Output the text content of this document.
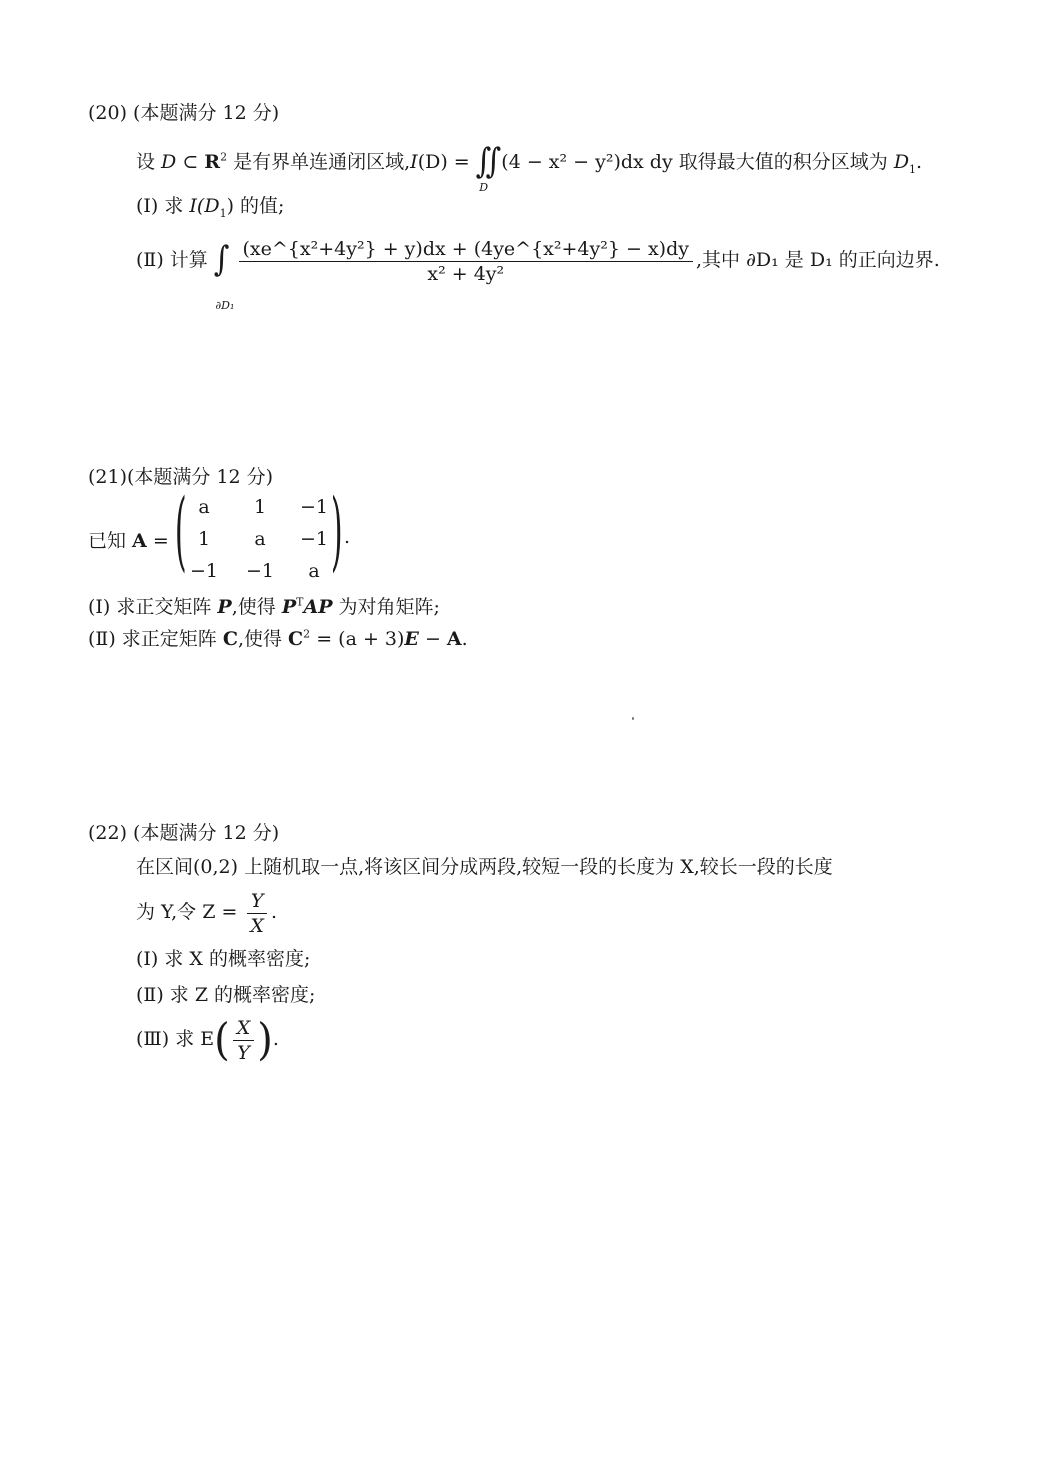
(20) (本题满分 12 分)
设 D ⊂ $R^2$ 是有界单连通闭区域,I(D) = ∬
D
(4 − x² − y²)dx dy 取得最大值的积分区域为 $D_1$.
(Ⅰ) 求 $I(D_1)$ 的值;
(Ⅱ) 计算 ∫
∂D₁

$\frac{\text{(xe\textasciicircum{}\{x²+4y²\} + y)dx + (4ye\textasciicircum{}\{x²+4y²\} − x)dy}}{\text{x² + 4y²}}$ ,其中 ∂D₁ 是 D₁ 的正向边界.
(21)(本题满分 12 分)
已知 A = ( )
a	1	−1
1	a	−1
−1	−1	a
.
(Ⅰ) 求正交矩阵 P,使得 $P^TAP$ 为对角矩阵;
(Ⅱ) 求正定矩阵 C,使得 $C^2 = (a + 3)E - A$.
(22) (本题满分 12 分)
在区间(0,2) 上随机取一点,将该区间分成两段,较短一段的长度为 X,较长一段的长度
为 Y,令 $Z = \frac{Y}{X}$ .
(Ⅰ) 求 X 的概率密度;
(Ⅱ) 求 Z 的概率密度;
(Ⅲ) 求 $E( \frac{X}{Y}$ ).
